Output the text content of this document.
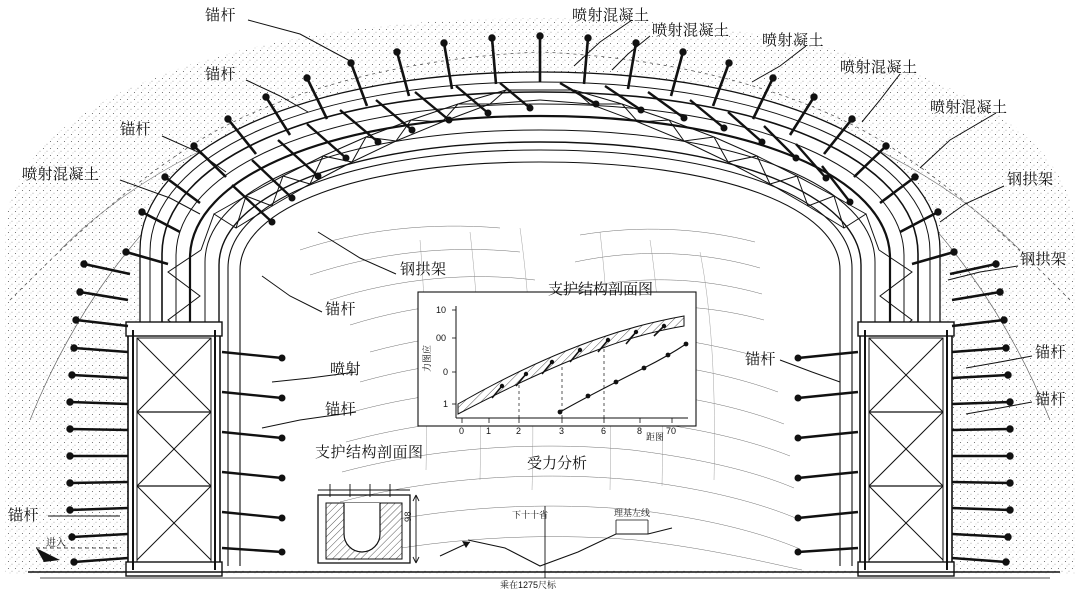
下十十省	理基左线
乘在1275尺标
进入
10
00
0
1
0 1	2	3	6	8	70
力图应
距图
锚杆	喷射混凝土
喷射混凝土
喷射凝土
锚杆	喷射混凝土
锚杆
喷射混凝土
喷射混凝土	钢拱架
钢拱架
钢拱架
锚杆
喷射
锚杆	锚杆
锚杆
锚杆
锚杆
支护结构剖面图
支护结构剖面图
受力分析
98
